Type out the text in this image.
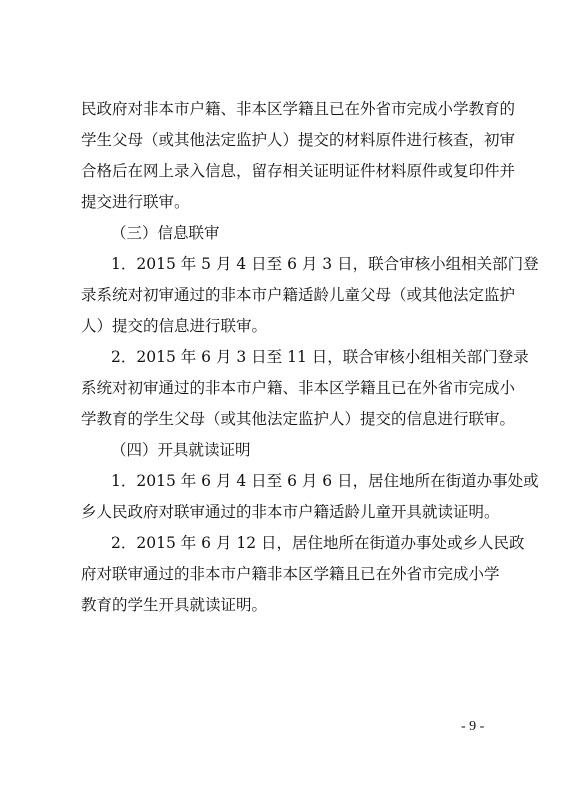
民政府对非本市户籍、非本区学籍且已在外省市完成小学教育的
学生父母（或其他法定监护人）提交的材料原件进行核查，初审
合格后在网上录入信息，留存相关证明证件材料原件或复印件并
提交进行联审。
（三）信息联审
1．2015 年 5 月 4 日至 6 月 3 日，联合审核小组相关部门登
录系统对初审通过的非本市户籍适龄儿童父母（或其他法定监护
人）提交的信息进行联审。
2．2015 年 6 月 3 日至 11 日，联合审核小组相关部门登录
系统对初审通过的非本市户籍、非本区学籍且已在外省市完成小
学教育的学生父母（或其他法定监护人）提交的信息进行联审。
（四）开具就读证明
1．2015 年 6 月 4 日至 6 月 6 日，居住地所在街道办事处或
乡人民政府对联审通过的非本市户籍适龄儿童开具就读证明。
2．2015 年 6 月 12 日，居住地所在街道办事处或乡人民政
府对联审通过的非本市户籍非本区学籍且已在外省市完成小学
教育的学生开具就读证明。
- 9 -
